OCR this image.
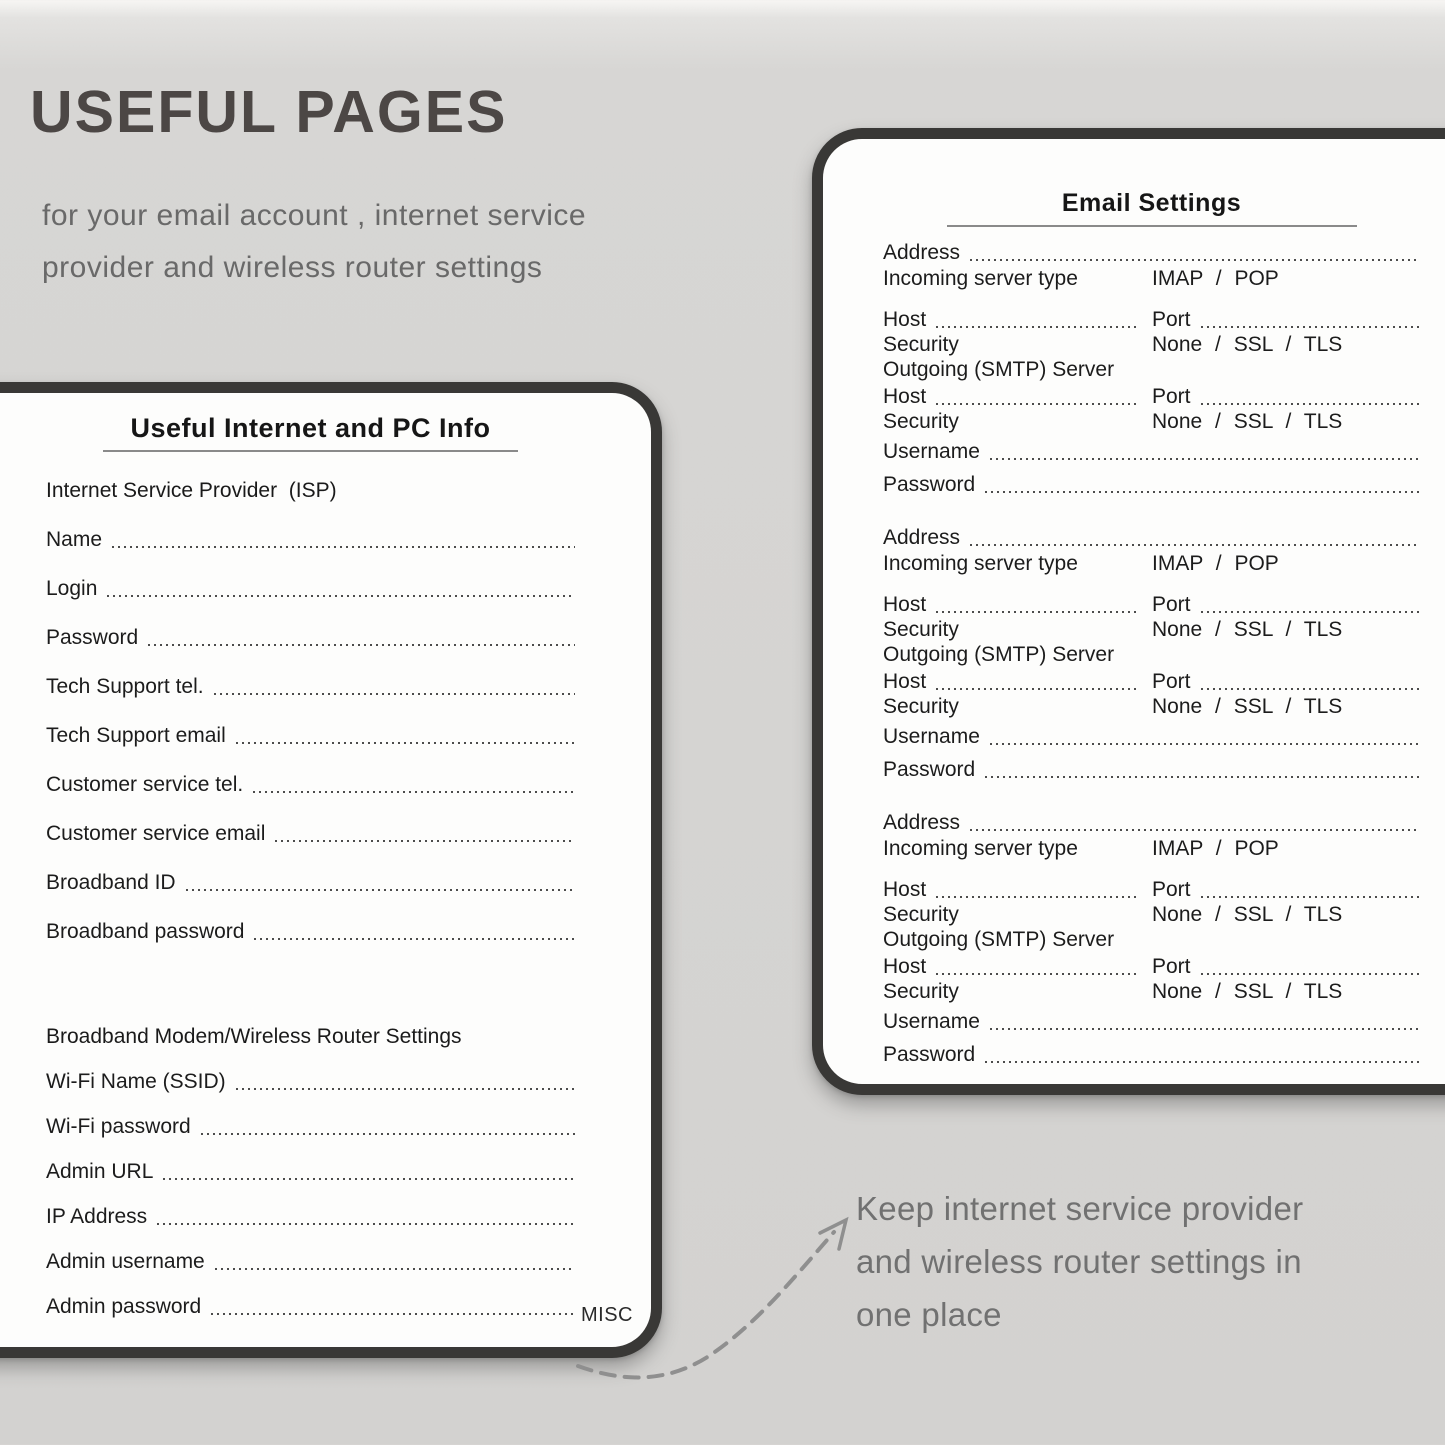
USEFUL PAGES
for your email account , internet service provider and wireless router settings
Useful Internet and PC Info
Internet Service Provider  (ISP)
Name
Login
Password
Tech Support tel.
Tech Support email
Customer service tel.
Customer service email
Broadband ID
Broadband password
Broadband Modem/Wireless Router Settings
Wi-Fi Name (SSID)
Wi-Fi password
Admin URL
IP Address
Admin username
Admin password	MISC
Email Settings
Address
Incoming server type	IMAP / POP
Host	Port
Security	None / SSL / TLS
Outgoing (SMTP) Server
Host	Port
Security	None / SSL / TLS
Username
Password
Address
Incoming server type	IMAP / POP
Host	Port
Security	None / SSL / TLS
Outgoing (SMTP) Server
Host	Port
Security	None / SSL / TLS
Username
Password
Address
Incoming server type	IMAP / POP
Host	Port
Security	None / SSL / TLS
Outgoing (SMTP) Server
Host	Port
Security	None / SSL / TLS
Username
Password
Keep internet service provider and wireless router settings in one place
